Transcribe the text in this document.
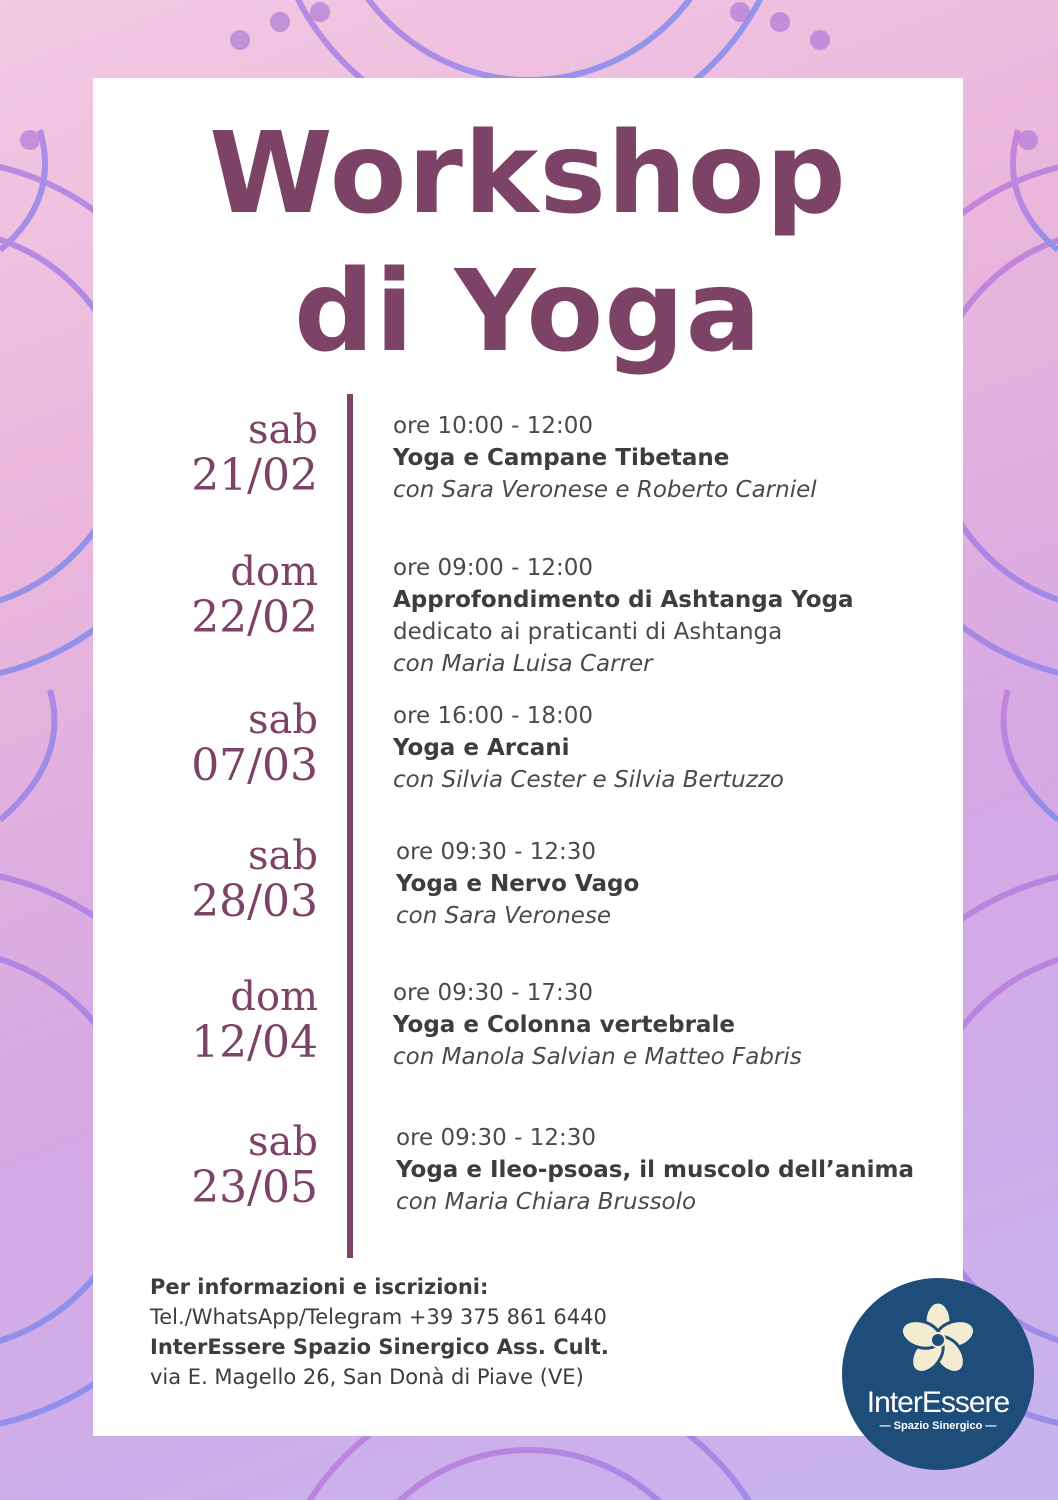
Workshop
di Yoga
sab
21/02
ore 10:00 - 12:00
Yoga e Campane Tibetane
con Sara Veronese e Roberto Carniel
dom
22/02
ore 09:00 - 12:00
Approfondimento di Ashtanga Yoga
dedicato ai praticanti di Ashtanga
con Maria Luisa Carrer
sab
07/03
ore 16:00 - 18:00
Yoga e Arcani
con Silvia Cester e Silvia Bertuzzo
sab
28/03
ore 09:30 - 12:30
Yoga e Nervo Vago
con Sara Veronese
dom
12/04
ore 09:30 - 17:30
Yoga e Colonna vertebrale
con Manola Salvian e Matteo Fabris
sab
23/05
ore 09:30 - 12:30
Yoga e Ileo-psoas, il muscolo dell’anima
con Maria Chiara Brussolo
Per informazioni e iscrizioni:
Tel./WhatsApp/Telegram +39 375 861 6440
InterEssere Spazio Sinergico Ass. Cult.
via E. Magello 26, San Donà di Piave (VE)
InterEssere
— Spazio Sinergico —
